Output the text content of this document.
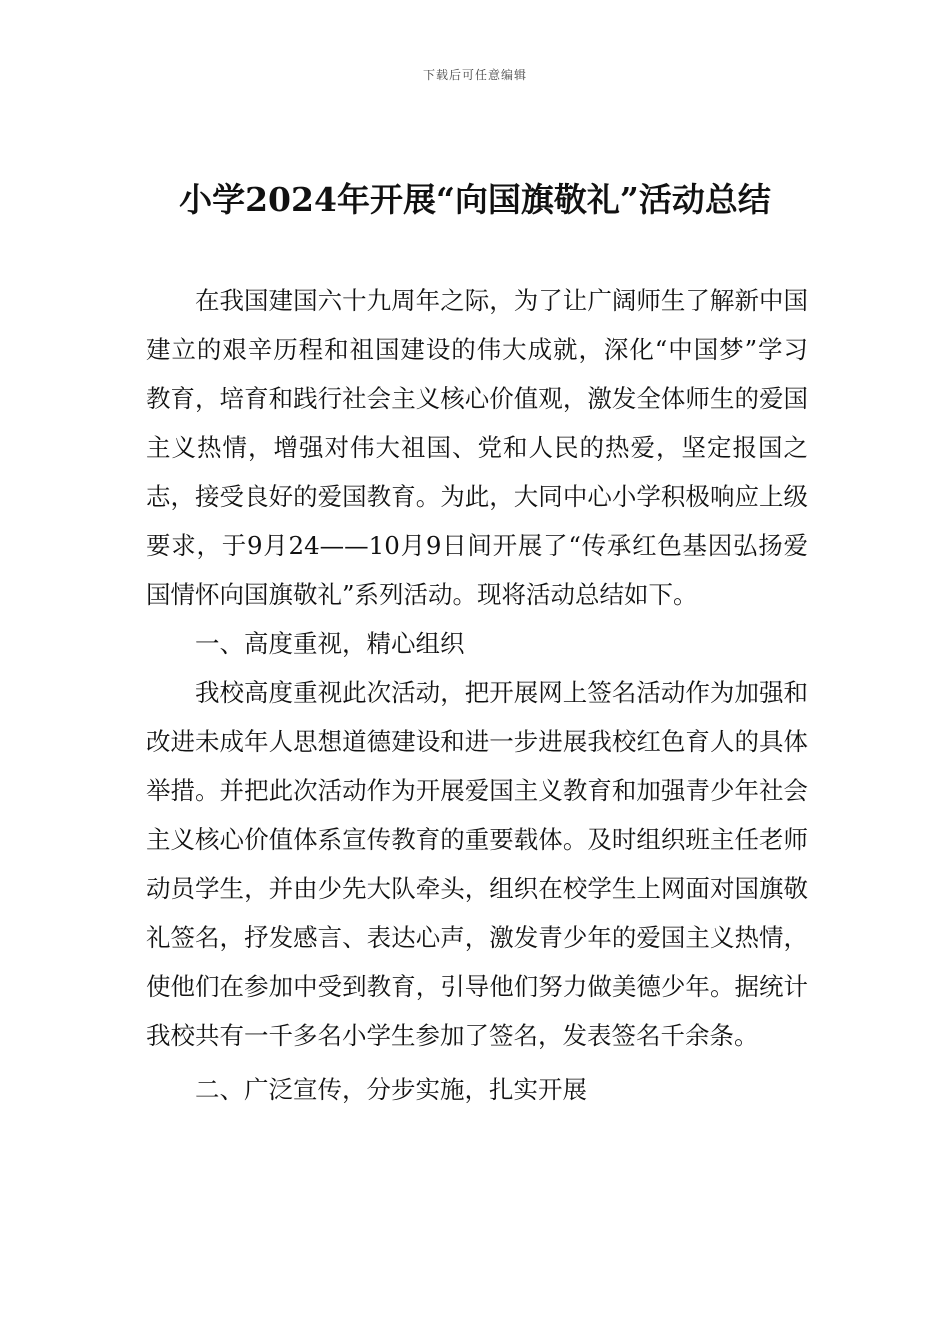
下载后可任意编辑
小学2024年开展“向国旗敬礼”活动总结

在我国建国六十九周年之际，为了让广阔师生了解新中国建立的艰辛历程和祖国建设的伟大成就，深化“中国梦”学习教育，培育和践行社会主义核心价值观，激发全体师生的爱国主义热情，增强对伟大祖国、党和人民的热爱，坚定报国之志，接受良好的爱国教育。为此，大同中心小学积极响应上级要求，于9月24——10月9日间开展了“传承红色基因弘扬爱国情怀向国旗敬礼”系列活动。现将活动总结如下。

一、高度重视，精心组织

我校高度重视此次活动，把开展网上签名活动作为加强和改进未成年人思想道德建设和进一步进展我校红色育人的具体举措。并把此次活动作为开展爱国主义教育和加强青少年社会主义核心价值体系宣传教育的重要载体。及时组织班主任老师动员学生，并由少先大队牵头，组织在校学生上网面对国旗敬礼签名，抒发感言、表达心声，激发青少年的爱国主义热情，使他们在参加中受到教育，引导他们努力做美德少年。据统计我校共有一千多名小学生参加了签名，发表签名千余条。

二、广泛宣传，分步实施，扎实开展
